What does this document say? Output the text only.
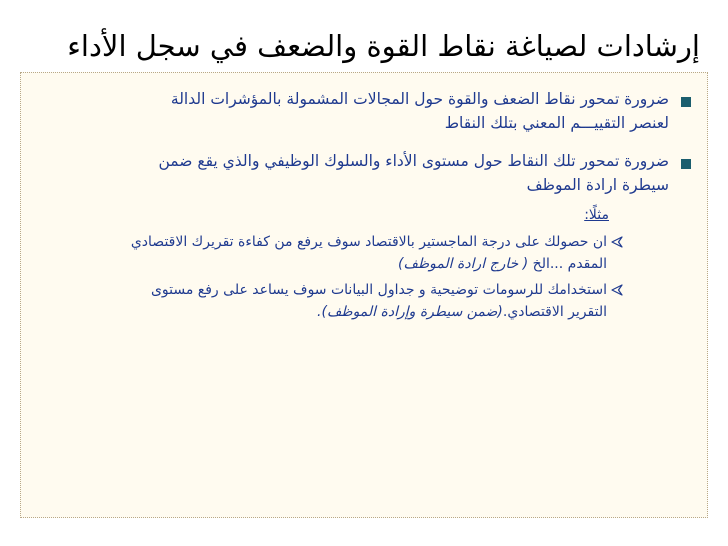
إرشادات لصياغة نقاط القوة والضعف في سجل الأداء

ضرورة تمحور نقاط الضعف والقوة حول المجالات المشمولة بالمؤشرات الدالة
لعنصر التقييـــم المعني بتلك النقاط

ضرورة تمحور تلك النقاط حول مستوى الأداء والسلوك الوظيفي والذي يقع ضمن
سيطرة ارادة الموظف

مثلًا:

ان حصولك على درجة الماجستير بالاقتصاد سوف يرفع من كفاءة تقريرك الاقتصادي
المقدم ...الخ ( خارج ارادة الموظف)

استخدامك للرسومات توضيحية و جداول البيانات سوف يساعد على رفع مستوى
التقرير الاقتصادي.(ضمن سيطرة وإرادة الموظف).
